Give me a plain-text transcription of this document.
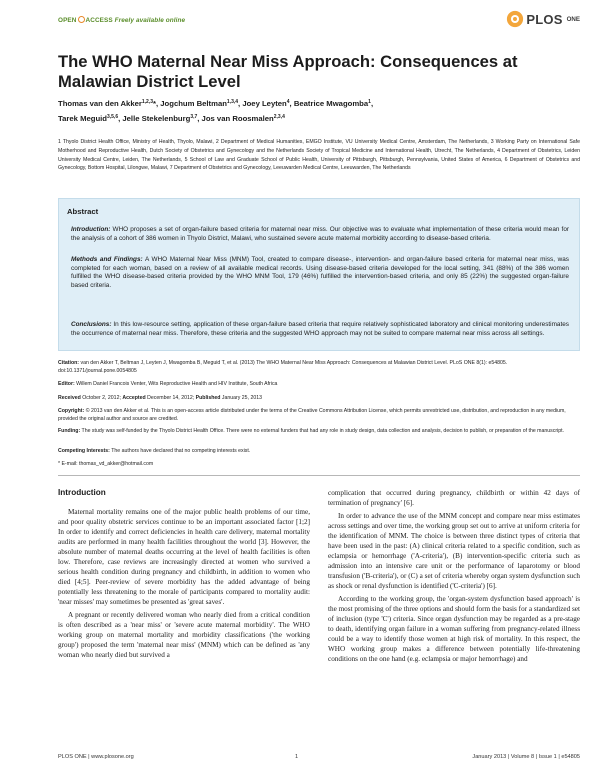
OPEN ACCESS Freely available online	PLOS ONE
The WHO Maternal Near Miss Approach: Consequences at Malawian District Level
Thomas van den Akker$^{1,2,3}$*, Jogchum Beltman$^{1,3,4}$, Joey Leyten$^4$, Beatrice Mwagomba$^1$,
Tarek Meguid$^{3,5,6}$, Jelle Stekelenburg$^{3,7}$, Jos van Roosmalen$^{2,3,4}$
1 Thyolo District Health Office, Ministry of Health, Thyolo, Malawi, 2 Department of Medical Humanities, EMGO Institute, VU University Medical Centre, Amsterdam, The Netherlands, 3 Working Party on International Safe Motherhood and Reproductive Health, Dutch Society of Obstetrics and Gynecology and the Netherlands Society of Tropical Medicine and International Health, Utrecht, The Netherlands, 4 Department of Obstetrics, Leiden University Medical Centre, Leiden, The Netherlands, 5 School of Law and Graduate School of Public Health, University of Pittsburgh, Pittsburgh, Pennsylvania, United States of America, 6 Department of Obstetrics and Gynecology, Bottom Hospital, Lilongwe, Malawi, 7 Department of Obstetrics and Gynecology, Leeuwarden Medical Centre, Leeuwarden, The Netherlands
Abstract
Introduction: WHO proposes a set of organ-failure based criteria for maternal near miss. Our objective was to evaluate what implementation of these criteria would mean for the analysis of a cohort of 386 women in Thyolo District, Malawi, who sustained severe acute maternal morbidity according to disease-based criteria.
Methods and Findings: A WHO Maternal Near Miss (MNM) Tool, created to compare disease-, intervention- and organ-failure based criteria for maternal near miss, was completed for each woman, based on a review of all available medical records. Using disease-based criteria developed for the local setting, 341 (88%) of the 386 women fulfilled the WHO disease-based criteria provided by the WHO MNM Tool, 179 (46%) fulfilled the intervention-based criteria, and only 85 (22%) the suggested organ-failure based criteria.
Conclusions: In this low-resource setting, application of these organ-failure based criteria that require relatively sophisticated laboratory and clinical monitoring underestimates the occurrence of maternal near miss. Therefore, these criteria and the suggested WHO approach may not be suited to compare maternal near miss across all settings.
Citation: van den Akker T, Beltman J, Leyten J, Mwagomba B, Meguid T, et al. (2013) The WHO Maternal Near Miss Approach: Consequences at Malawian District Level. PLoS ONE 8(1): e54805. doi:10.1371/journal.pone.0054805
Editor: Willem Daniel Francois Venter, Wits Reproductive Health and HIV Institute, South Africa
Received October 2, 2012; Accepted December 14, 2012; Published January 25, 2013
Copyright: © 2013 van den Akker et al. This is an open-access article distributed under the terms of the Creative Commons Attribution License, which permits unrestricted use, distribution, and reproduction in any medium, provided the original author and source are credited.
Funding: The study was self-funded by the Thyolo District Health Office. There were no external funders that had any role in study design, data collection and analysis, decision to publish, or preparation of the manuscript.
Competing Interests: The authors have declared that no competing interests exist.
* E-mail: thomas_vd_akker@hotmail.com
Introduction

Maternal mortality remains one of the major public health problems of our time, and poor quality obstetric services continue to be an important associated factor [1;2] In order to identify and correct deficiencies in health care delivery, maternal mortality audits are performed in many health facilities throughout the world [3]. However, the absolute number of maternal deaths occurring at the level of health facilities is often low. Therefore, case reviews are increasingly directed at women who survived a serious health condition during pregnancy and childbirth, in addition to women who died [4;5]. Peer-review of severe morbidity has the added advantage of being potentially less threatening to the morale of participants compared to mortality audit: 'near misses' may sometimes be presented as 'great saves'.

A pregnant or recently delivered woman who nearly died from a critical condition is often described as a 'near miss' or 'severe acute maternal morbidity'. The WHO working group on maternal mortality and morbidity classifications ('the working group') proposed the term 'maternal near miss' (MNM) which can be defined as 'any woman who nearly died but survived a

complication that occurred during pregnancy, childbirth or within 42 days of termination of pregnancy' [6].

In order to advance the use of the MNM concept and compare near miss estimates across settings and over time, the working group set out to arrive at uniform criteria for the identification of MNM. The choice is between three distinct types of criteria that have been used in the past: (A) clinical criteria related to a specific condition, such as eclampsia or hemorrhage ('A-criteria'), (B) intervention-specific criteria such as admission into an intensive care unit or the performance of laparotomy or blood transfusion ('B-criteria'), or (C) a set of criteria whereby organ system dysfunction such as shock or renal dysfunction is identified ('C-criteria') [6].

According to the working group, the 'organ-system dysfunction based approach' is the most promising of the three options and should form the basis for a standardized set of inclusion (type 'C') criteria. Since organ dysfunction may be regarded as a pre-stage to death, identifying organ failure in a woman suffering from pregnancy-related illness could be a way to identify those women at high risk of mortality. In this respect, the WHO working group makes a difference between potentially life-threatening conditions on the one hand (e.g. eclampsia or major hemorrhage) and

PLOS ONE | www.plosone.org	1	January 2013 | Volume 8 | Issue 1 | e54805
